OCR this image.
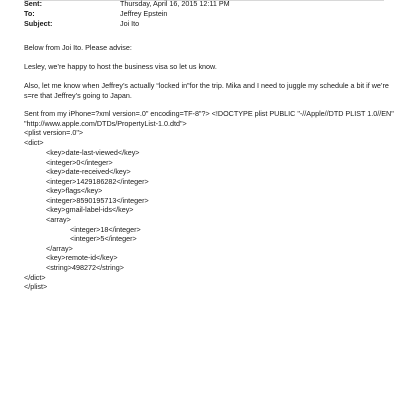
Sent:	Thursday, April 16, 2015 12:11 PM
To:	Jeffrey Epstein
Subject:	Joi Ito
Below from Joi Ito. Please advise:
Lesley, we’re happy to host the business visa so let us know.
Also, let me know when Jeffrey’s actually “locked in”for the trip. Mika and I need to juggle my schedule a bit if we’re
s=re that Jeffrey’s going to Japan.
Sent from my iPhone=?xml version=.0" encoding=TF-8"?> <!DOCTYPE plist PUBLIC "-//Apple//DTD PLIST 1.0//EN"
"http://www.apple.com/DTDs/PropertyList-1.0.dtd">
<plist version=.0">
<dict>
<key>date-last-viewed</key>
<integer>0</integer>
<key>date-received</key>
<integer>1429186282</integer>
<key>flags</key>
<integer>8590195713</integer>
<key>gmail-label-ids</key>
<array>
<integer>18</integer>
<integer>5</integer>
</array>
<key>remote-id</key>
<string>498272</string>
</dict>
</plist>
